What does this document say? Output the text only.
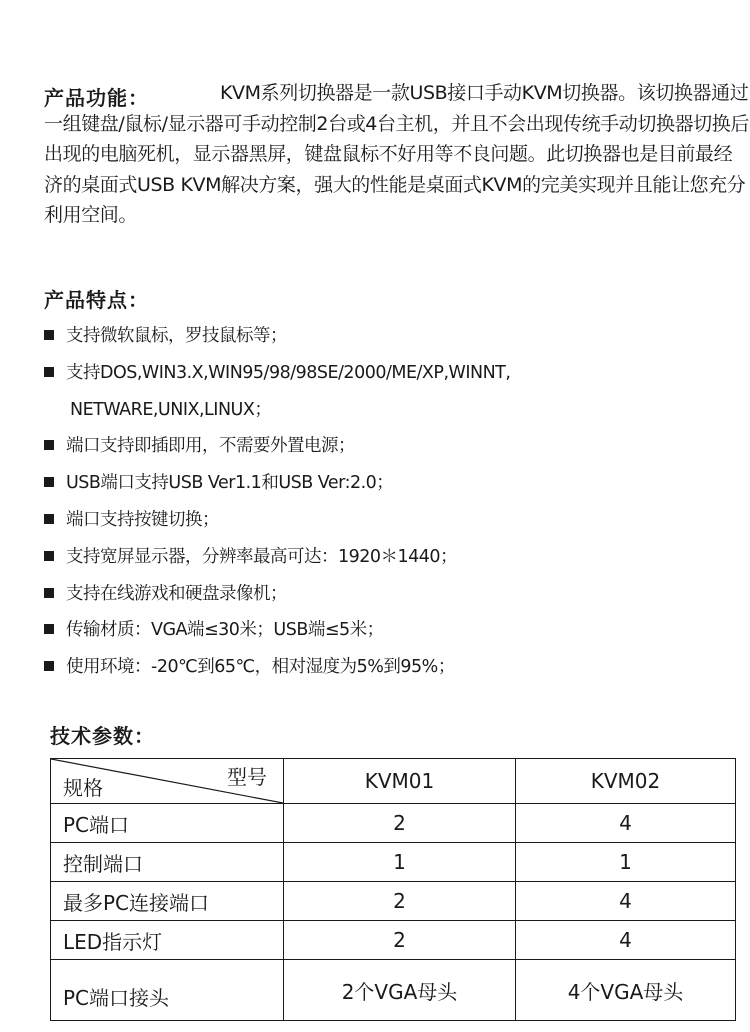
产品功能：	KVM系列切换器是一款USB接口手动KVM切换器。该切换器通过一组键盘/鼠标/显示器可手动控制2台或4台主机，并且不会出现传统手动切换器切换后出现的电脑死机，显示器黑屏，键盘鼠标不好用等不良问题。此切换器也是目前最经济的桌面式USB KVM解决方案，强大的性能是桌面式KVM的完美实现并且能让您充分利用空间。

产品特点：
支持微软鼠标，罗技鼠标等；
支持DOS,WIN3.X,WIN95/98/98SE/2000/ME/XP,WINNT,
NETWARE,UNIX,LINUX；
端口支持即插即用，不需要外置电源；
USB端口支持USB Ver1.1和USB Ver:2.0；
端口支持按键切换；
支持宽屏显示器，分辨率最高可达：1920＊1440；
支持在线游戏和硬盘录像机；
传输材质：VGA端≤30米；USB端≤5米；
使用环境：-20℃到65℃，相对湿度为5%到95%；
技术参数：
型号
规格	KVM01	KVM02
PC端口	2	4
控制端口	1	1
最多PC连接端口	2	4
LED指示灯	2	4
PC端口接头	2个VGA母头	4个VGA母头
